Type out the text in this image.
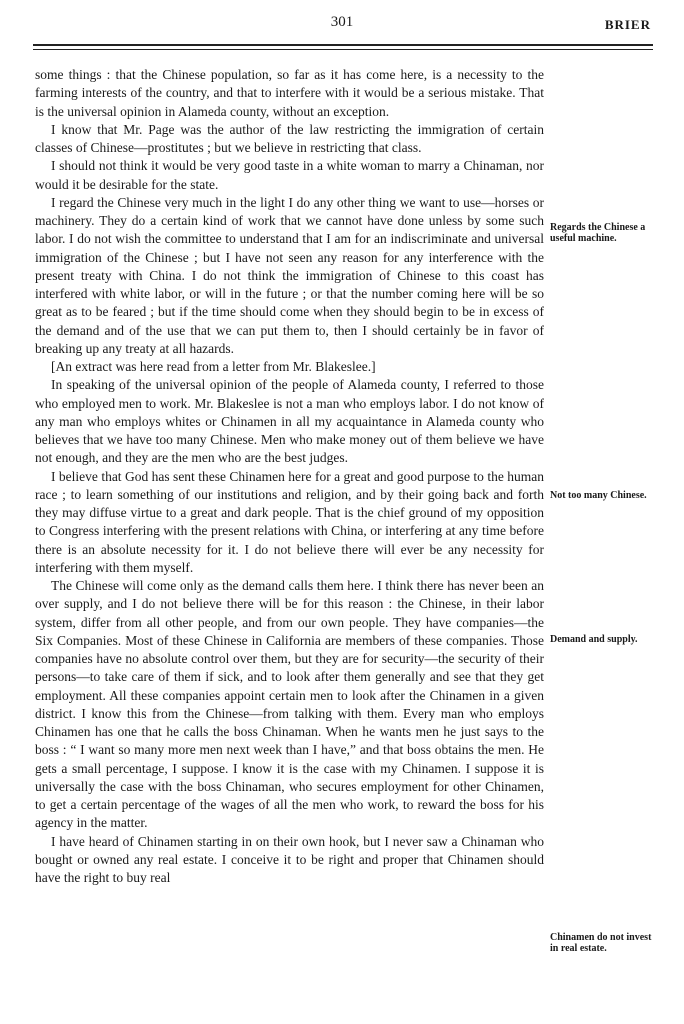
301	BRIER

some things : that the Chinese population, so far as it has come here, is a necessity to the farming interests of the country, and that to interfere with it would be a serious mistake. That is the universal opinion in Alameda county, without an exception.

I know that Mr. Page was the author of the law restricting the immigration of certain classes of Chinese—prostitutes ; but we believe in restricting that class.

I should not think it would be very good taste in a white woman to marry a Chinaman, nor would it be desirable for the state.

I regard the Chinese very much in the light I do any other thing we want to use—horses or machinery. They do a certain kind of work that we cannot have done unless by some such labor. I do not wish the committee to understand that I am for an indiscriminate and universal immigration of the Chinese ; but I have not seen any reason for any interference with the present treaty with China. I do not think the immigration of Chinese to this coast has interfered with white labor, or will in the future ; or that the number coming here will be so great as to be feared ; but if the time should come when they should begin to be in excess of the demand and of the use that we can put them to, then I should certainly be in favor of breaking up any treaty at all hazards.

[An extract was here read from a letter from Mr. Blakeslee.]

In speaking of the universal opinion of the people of Alameda county, I referred to those who employed men to work. Mr. Blakeslee is not a man who employs labor. I do not know of any man who employs whites or Chinamen in all my acquaintance in Alameda county who believes that we have too many Chinese. Men who make money out of them believe we have not enough, and they are the men who are the best judges.

I believe that God has sent these Chinamen here for a great and good purpose to the human race ; to learn something of our institutions and religion, and by their going back and forth they may diffuse virtue to a great and dark people. That is the chief ground of my opposition to Congress interfering with the present relations with China, or interfering at any time before there is an absolute necessity for it. I do not believe there will ever be any necessity for interfering with them myself.

The Chinese will come only as the demand calls them here. I think there has never been an over supply, and I do not believe there will be for this reason : the Chinese, in their labor system, differ from all other people, and from our own people. They have companies—the Six Companies. Most of these Chinese in California are members of these companies. Those companies have no absolute control over them, but they are for security—the security of their persons—to take care of them if sick, and to look after them generally and see that they get employment. All these companies appoint certain men to look after the Chinamen in a given district. I know this from the Chinese—from talking with them. Every man who employs Chinamen has one that he calls the boss Chinaman. When he wants men he just says to the boss : “ I want so many more men next week than I have,” and that boss obtains the men. He gets a small percentage, I suppose. I know it is the case with my Chinamen. I suppose it is universally the case with the boss Chinaman, who secures employment for other Chinamen, to get a certain percentage of the wages of all the men who work, to reward the boss for his agency in the matter.

I have heard of Chinamen starting in on their own hook, but I never saw a Chinaman who bought or owned any real estate. I conceive it to be right and proper that Chinamen should have the right to buy real

Regards the Chinese a useful machine.
Not too many Chinese.
Demand and supply.
Chinamen do not invest in real estate.
